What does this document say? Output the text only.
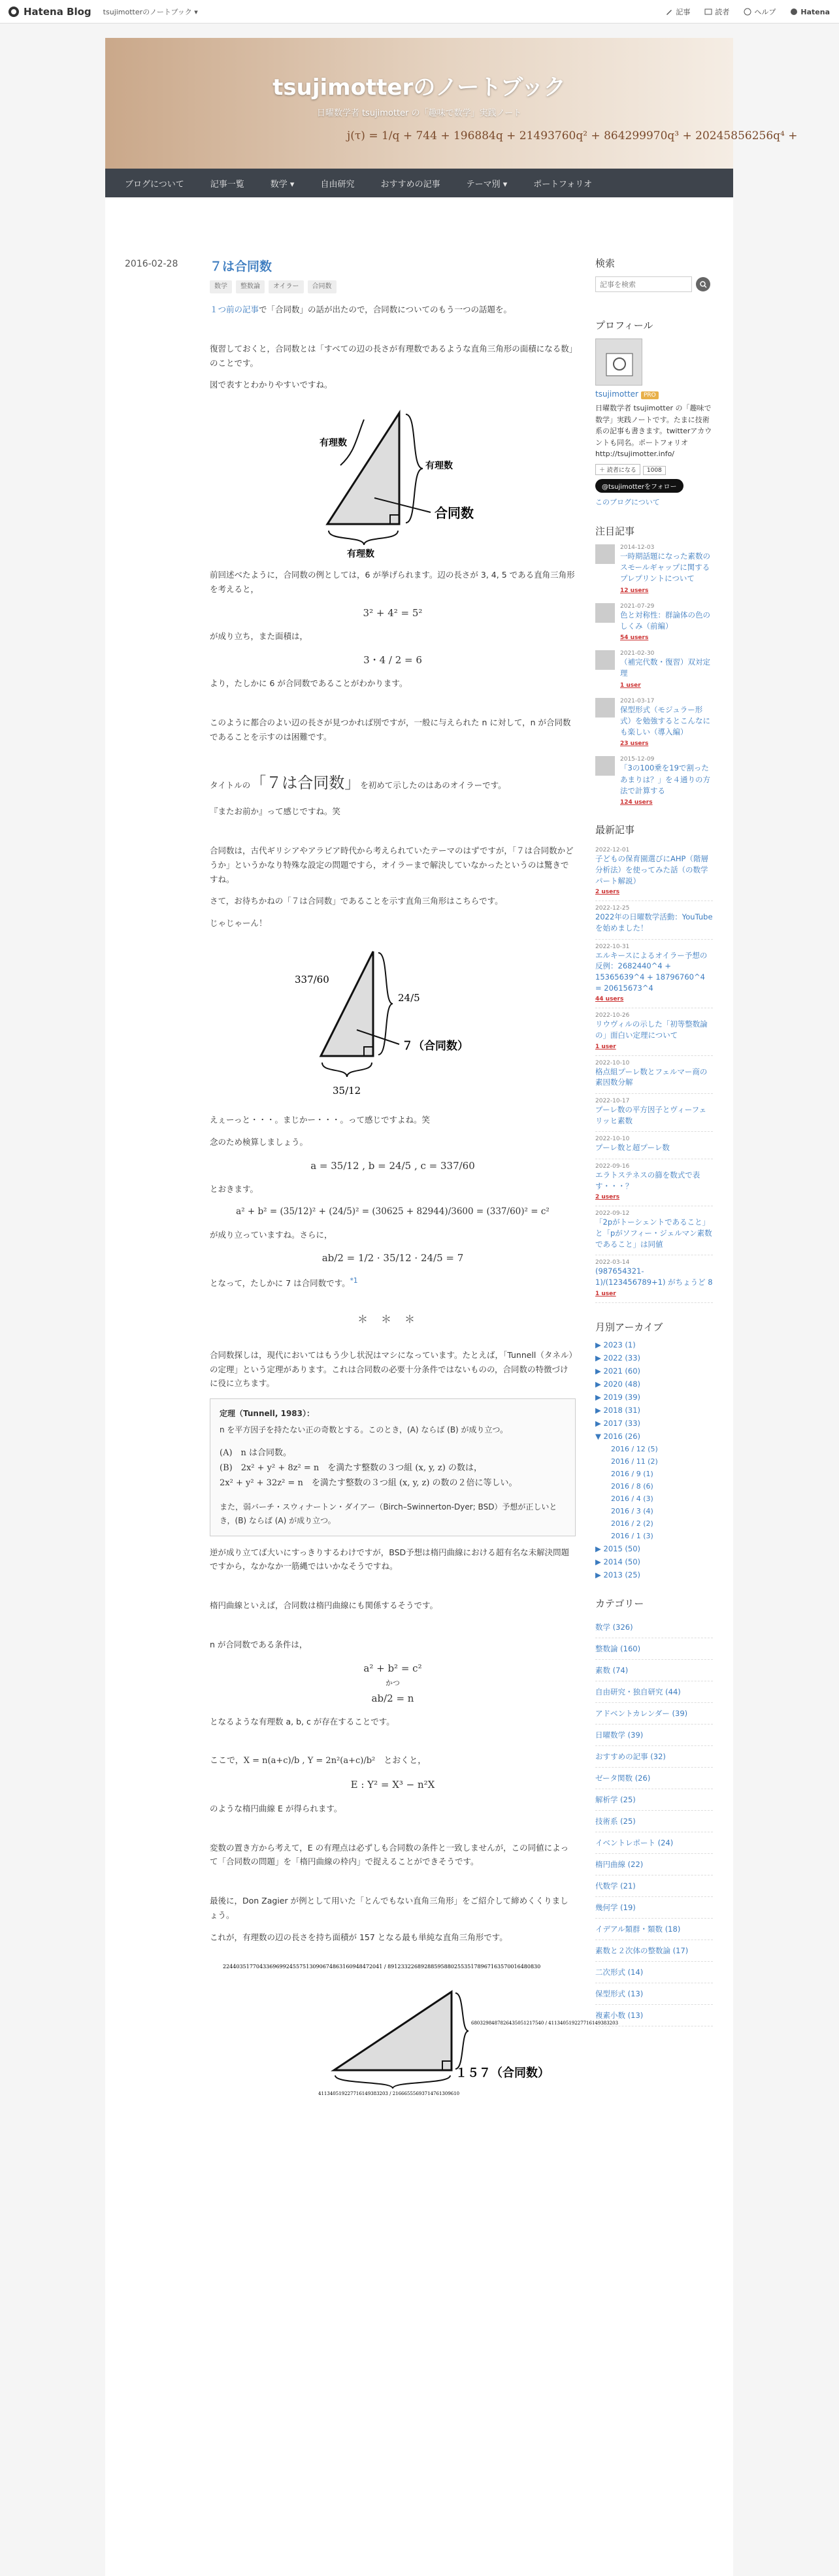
Hatena Blog tsujimotterのノートブック ▾	記事	読者	ヘルプ	Hatena
tsujimotterのノートブック
日曜数学者 tsujimotter の「趣味で数学」実践ノート
j(τ) = 1/q + 744 + 196884q + 21493760q² + 864299970q³ + 20245856256q⁴ +
ブログについて	記事一覧	数学 ▾	自由研究	おすすめの記事	テーマ別 ▾	ポートフォリオ
2016-02-28	７は合同数
数学	整数論	オイラー	合同数

１つ前の記事で「合同数」の話が出たので，合同数についてのもう一つの話題を。

復習しておくと，合同数とは「すべての辺の長さが有理数であるような直角三角形の面積になる数」のことです。

図で表すとわかりやすいですね。

有理数
有理数
有理数
合同数

前回述べたように，合同数の例としては，6 が挙げられます。辺の長さが 3, 4, 5 である直角三角形を考えると，

3² + 4² = 5²

が成り立ち，また面積は，

3・4 / 2 = 6

より，たしかに 6 が合同数であることがわかります。

このように都合のよい辺の長さが見つかれば別ですが，一般に与えられた n に対して，n が合同数であることを示すのは困難です。

タイトルの「７は合同数」を初めて示したのはあのオイラーです。

『またお前か』って感じですね。笑

合同数は，古代ギリシアやアラビア時代から考えられていたテーマのはずですが，「７は合同数かどうか」というかなり特殊な設定の問題ですら，オイラーまで解決していなかったというのは驚きですね。

さて，お待ちかねの「７は合同数」であることを示す直角三角形はこちらです。

じゃじゃーん！

337/60
24/5
35/12
７（合同数）

えぇーっと・・・。まじかー・・・。って感じですよね。笑

念のため検算しましょう。

a = 35/12 , b = 24/5 , c = 337/60

とおきます。

a² + b² = (35/12)² + (24/5)² = (30625 + 82944)/3600 = (337/60)² = c²

が成り立っていますね。さらに，

ab/2 = 1/2 · 35/12 · 24/5 = 7

となって，たしかに 7 は合同数です。$^{*1}$

＊＊＊

合同数探しは，現代においてはもう少し状況はマシになっています。たとえば，「Tunnell（タネル）の定理」という定理があります。これは合同数の必要十分条件ではないものの，合同数の特徴づけに役に立ちます。

定理（Tunnell, 1983）：
n を平方因子を持たない正の奇数とする。このとき，(A) ならば (B) が成り立つ。
(A)　n は合同数。
(B)　2x² + y² + 8z² = n　を満たす整数の３つ組 (x, y, z) の数は，
2x² + y² + 32z² = n　を満たす整数の３つ組 (x, y, z) の数の２倍に等しい。
また，弱バーチ・スウィナートン・ダイアー（Birch–Swinnerton-Dyer; BSD）予想が正しいとき，(B) ならば (A) が成り立つ。

逆が成り立てば大いにすっきりするわけですが，BSD予想は楕円曲線における超有名な未解決問題ですから，なかなか一筋縄ではいかなそうですね。

楕円曲線といえば，合同数は楕円曲線にも関係するそうです。

n が合同数である条件は，

a² + b² = c²

かつ

ab/2 = n

となるような有理数 a, b, c が存在することです。

ここで，X = n(a+c)/b , Y = 2n²(a+c)/b²　とおくと，

E : Y² = X³ − n²X

のような楕円曲線 E が得られます。

変数の置き方から考えて，E の有理点は必ずしも合同数の条件と一致しませんが，この同値によって「合同数の問題」を「楕円曲線の枠内」で捉えることができそうです。

最後に，Don Zagier が例として用いた「とんでもない直角三角形」をご紹介して締めくくりましょう。

これが，有理数の辺の長さを持ち面積が 157 となる最も単純な直角三角形です。

224403517704336969924557513090674863160948472041 / 8912332268928859588025535178967163570016480830
6803298487826435051217540 / 411340519227716149383203
411340519227716149383203 / 21666555693714761309610
１５７（合同数）
検索
記事を検索
プロフィール
tsujimotter PRO
日曜数学者 tsujimotter の「趣味で数学」実践ノートです。たまに技術系の記事も書きます。twitterアカウントも同名。ポートフォリオ http://tsujimotter.info/
＋ 読者になる 1008
@tsujimotterをフォロー
このブログについて
注目記事
2014-12-03
一時期話題になった素数のスモールギャップに関するプレプリントについて
12 users
2021-07-29
色と対称性：群論体の色のしくみ（前編）
54 users
2021-02-30
（補完代数・復習）双対定理
1 user
2021-03-17
保型形式（モジュラー形式）を勉強するとこんなにも楽しい（導入編）
23 users
2015-12-09
「3の100乗を19で割ったあまりは？」を４通りの方法で計算する
124 users
最新記事
2022-12-01
子どもの保育園選びにAHP（階層分析法）を使ってみた話（の数学パート解説）
2 users
2022-12-25
2022年の日曜数学活動：YouTubeを始めました！
2022-10-31
エルキースによるオイラー予想の反例：2682440^4 + 15365639^4 + 18796760^4 = 20615673^4
44 users
2022-10-26
リウヴィルの示した「初等整数論の」面白い定理について
1 user
2022-10-10
格点組プーレ数とフェルマー商の素因数分解
2022-10-17
プーレ数の平方因子とヴィーフェリッヒ素数
2022-10-10
プーレ数と超プーレ数
2022-09-16
エラトステネスの篩を数式で表す・・・？
2 users
2022-09-12
「2pがトーシェントであること」と「pがソフィー・ジェルマン素数であること」は同値
2022-03-14
(987654321-1)/(123456789+1) がちょうど 8
1 user
月別アーカイブ
▶ 2023 (1)
▶ 2022 (33)
▶ 2021 (60)
▶ 2020 (48)
▶ 2019 (39)
▶ 2018 (31)
▶ 2017 (33)
▼ 2016 (26)
2016 / 12 (5)
2016 / 11 (2)
2016 / 9 (1)
2016 / 8 (6)
2016 / 4 (3)
2016 / 3 (4)
2016 / 2 (2)
2016 / 1 (3)
▶ 2015 (50)
▶ 2014 (50)
▶ 2013 (25)
カテゴリー
数学 (326)
整数論 (160)
素数 (74)
自由研究・独自研究 (44)
アドベントカレンダー (39)
日曜数学 (39)
おすすめの記事 (32)
ゼータ関数 (26)
解析学 (25)
技術系 (25)
イベントレポート (24)
楕円曲線 (22)
代数学 (21)
幾何学 (19)
イデアル類群・類数 (18)
素数と２次体の整数論 (17)
二次形式 (14)
保型形式 (13)
複素小数 (13)
